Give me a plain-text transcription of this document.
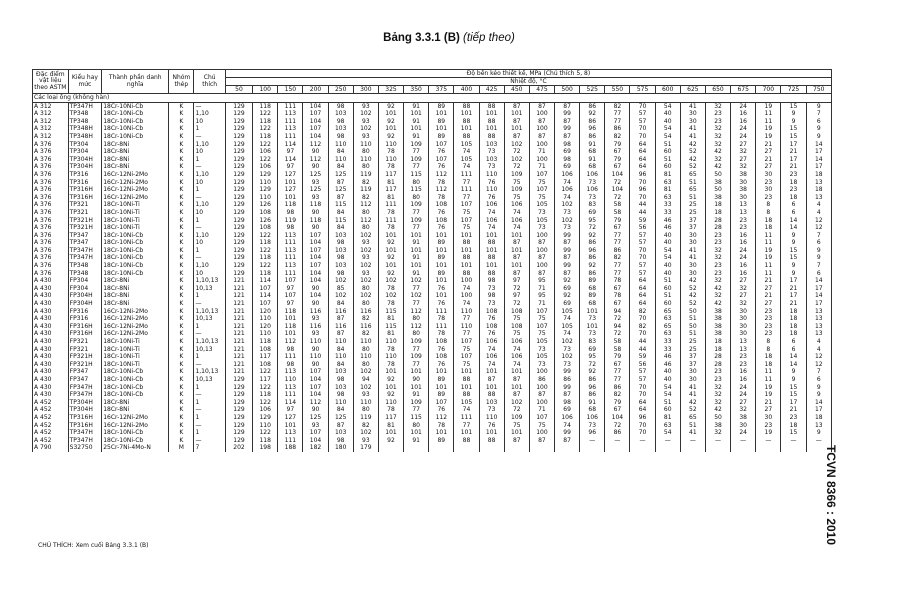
Bảng 3.3.1 (B) (tiếp theo)
Đặc điểm vật liệu theo ASTM	Kiểu hay mức	Thành phần danh nghĩa	Nhóm thép	Chú thích	Độ bền kéo thiết kế, MPa (Chú thích 5, 8)																							
					Nhiệt độ, °C																							
					50	100	150	200	250	300	325	350	375	400	425	450	475	500	525	550	575	600	625	650	675	700	725	750
Các loại ống (không hàn)																												
A 312	TP347H	18Cr-10Ni-Cb	K	—	129	118	111	104	98	93	92	91	89	88	88	87	87	87	86	82	70	54	41	32	24	19	15	9
A 312	TP348	18Cr-10Ni-Cb	K	1,10	129	122	113	107	103	102	101	101	101	101	101	101	100	99	92	77	57	40	30	23	16	11	9	7
A 312	TP348	18Cr-10Ni-Cb	K	10	129	118	111	104	98	93	92	91	89	88	88	87	87	87	86	77	57	40	30	23	16	11	9	6
A 312	TP348H	18Cr-10Ni-Cb	K	1	129	122	113	107	103	102	101	101	101	101	101	101	100	99	96	86	70	54	41	32	24	19	15	9
A 312	TP348H	18Cr-10Ni-Cb	K	—	129	118	111	104	98	93	92	91	89	88	88	87	87	87	86	82	70	54	41	32	24	19	15	9
A 376	TP304	18Cr-8Ni	K	1,10	129	122	114	112	110	110	110	109	107	105	103	102	100	98	91	79	64	51	42	32	27	21	17	14
A 376	TP304	18Cr-8Ni	K	10	129	106	97	90	84	80	78	77	76	74	73	72	71	69	68	67	64	60	52	42	32	27	21	17
A 376	TP304H	18Cr-8Ni	K	1	129	122	114	112	110	110	110	109	107	105	103	102	100	98	91	79	64	51	42	32	27	21	17	14
A 376	TP304H	18Cr-8Ni	K	—	129	106	97	90	84	80	78	77	76	74	73	72	71	69	68	67	64	60	52	42	32	27	21	17
A 376	TP316	16Cr-12Ni-2Mo	K	1,10	129	129	127	125	125	119	117	115	112	111	110	109	107	106	106	104	96	81	65	50	38	30	23	18
A 376	TP316	16Cr-12Ni-2Mo	K	10	129	110	101	93	87	82	81	80	78	77	76	75	75	74	73	72	70	63	51	38	30	23	18	13
A 376	TP316H	16Cr-12Ni-2Mo	K	1	129	129	127	125	125	119	117	115	112	111	110	109	107	106	106	104	96	81	65	50	38	30	23	18
A 376	TP316H	16Cr-12Ni-2Mo	K	—	129	110	101	93	87	82	81	80	78	77	76	75	75	74	73	72	70	63	51	38	30	23	18	13
A 376	TP321	18Cr-10Ni-Ti	K	1,10	129	126	118	118	115	112	111	109	108	107	106	106	105	102	83	58	44	33	25	18	13	8	6	4
A 376	TP321	18Cr-10Ni-Ti	K	10	129	108	98	90	84	80	78	77	76	75	74	74	73	73	69	58	44	33	25	18	13	8	6	4
A 376	TP321H	18Cr-10Ni-Ti	K	1	129	126	119	118	115	112	111	109	108	107	106	106	105	102	95	79	59	46	37	28	23	18	14	12
A 376	TP321H	18Cr-10Ni-Ti	K	—	129	108	98	90	84	80	78	77	76	75	74	74	73	73	72	67	56	46	37	28	23	18	14	12
A 376	TP347	18Cr-10Ni-Cb	K	1,10	129	122	113	107	103	102	101	101	101	101	101	101	100	99	92	77	57	40	30	23	16	11	9	7
A 376	TP347	18Cr-10Ni-Cb	K	10	129	118	111	104	98	93	92	91	89	88	88	87	87	87	86	77	57	40	30	23	16	11	9	6
A 376	TP347H	18Cr-10Ni-Cb	K	1	129	122	113	107	103	102	101	101	101	101	101	101	100	99	96	86	70	54	41	32	24	19	15	9
A 376	TP347H	18Cr-10Ni-Cb	K	—	129	118	111	104	98	93	92	91	89	88	88	87	87	87	86	82	70	54	41	32	24	19	15	9
A 376	TP348	18Cr-10Ni-Cb	K	1,10	129	122	113	107	103	102	101	101	101	101	101	101	100	99	92	77	57	40	30	23	16	11	9	7
A 376	TP348	18Cr-10Ni-Cb	K	10	129	118	111	104	98	93	92	91	89	88	88	87	87	87	86	77	57	40	30	23	16	11	9	6
A 430	FP304	18Cr-8Ni	K	1,10,13	121	114	107	104	102	102	102	102	101	100	98	97	95	92	89	78	64	51	42	32	27	21	17	14
A 430	FP304	18Cr-8Ni	K	10,13	121	107	97	90	85	80	78	77	76	74	73	72	71	69	68	67	64	60	52	42	32	27	21	17
A 430	FP304H	18Cr-8Ni	K	1	121	114	107	104	102	102	102	102	101	100	98	97	95	92	89	78	64	51	42	32	27	21	17	14
A 430	FP304H	18Cr-8Ni	K	—	121	107	97	90	84	80	78	77	76	74	73	72	71	69	68	67	64	60	52	42	32	27	21	17
A 430	FP316	16Cr-12Ni-2Mo	K	1,10,13	121	120	118	116	116	116	115	112	111	110	108	108	107	105	101	94	82	65	50	38	30	23	18	13
A 430	FP316	16Cr-12Ni-2Mo	K	10,13	121	110	101	93	87	82	81	80	78	77	76	75	75	74	73	72	70	63	51	38	30	23	18	13
A 430	FP316H	16Cr-12Ni-2Mo	K	1	121	120	118	116	116	116	115	112	111	110	108	108	107	105	101	94	82	65	50	38	30	23	18	13
A 430	FP316H	16Cr-12Ni-2Mo	K	—	121	110	101	93	87	82	81	80	78	77	76	75	75	74	73	72	70	63	51	38	30	23	18	13
A 430	FP321	18Cr-10Ni-Ti	K	1,10,13	121	118	112	110	110	110	110	109	108	107	106	106	105	102	83	58	44	33	25	18	13	8	6	4
A 430	FP321	18Cr-10Ni-Ti	K	10,13	121	108	98	90	84	80	78	77	76	75	74	74	73	73	69	58	44	33	25	18	13	8	6	4
A 430	FP321H	18Cr-10Ni-Ti	K	1	121	117	111	110	110	110	110	109	108	107	106	106	105	102	95	79	59	46	37	28	23	18	14	12
A 430	FP321H	18Cr-10Ni-Ti	K	—	121	108	98	90	84	80	78	77	76	75	74	74	73	73	72	67	56	46	37	28	23	18	14	12
A 430	FP347	18Cr-10Ni-Cb	K	1,10,13	121	122	113	107	103	102	101	101	101	101	101	101	100	99	92	77	57	40	30	23	16	11	9	7
A 430	FP347	18Cr-10Ni-Cb	K	10,13	129	117	110	104	98	94	92	90	89	88	87	87	86	86	86	77	57	40	30	23	16	11	9	6
A 430	FP347H	18Cr-10Ni-Cb	K	1	129	122	113	107	103	102	101	101	101	101	101	101	100	99	96	86	70	54	41	32	24	19	15	9
A 430	FP347H	18Cr-10Ni-Cb	K	—	129	118	111	104	98	93	92	91	89	88	88	87	87	87	86	82	70	54	41	32	24	19	15	9
A 452	TP304H	18Cr-8Ni	K	1	129	122	114	112	110	110	110	109	107	105	103	102	100	98	91	79	64	51	42	32	27	21	17	14
A 452	TP304H	18Cr-8Ni	K	—	129	106	97	90	84	80	78	77	76	74	73	72	71	69	68	67	64	60	52	42	32	27	21	17
A 452	TP316H	16Cr-12Ni-2Mo	K	1	129	129	127	125	125	119	117	115	112	111	110	109	107	106	106	104	96	81	65	50	38	30	23	18
A 452	TP316H	16Cr-12Ni-2Mo	K	—	129	110	101	93	87	82	81	80	78	77	76	75	75	74	73	72	70	63	51	38	30	23	18	13
A 452	TP347H	18Cr-10Ni-Cb	K	1	129	122	113	107	103	102	101	101	101	101	101	101	100	99	96	86	70	54	41	32	24	19	15	9
A 452	TP347H	18Cr-10Ni-Cb	K	—	129	118	111	104	98	93	92	91	89	88	88	87	87	87	—	—	—	—	—	—	—	—	—	—
A 790	S32750	25Cr-7Ni-4Mo-N	M	7	202	198	188	182	180	179																		
CHÚ THÍCH: Xem cuối Bảng 3.3.1 (B)
TCVN 8366 : 2010
